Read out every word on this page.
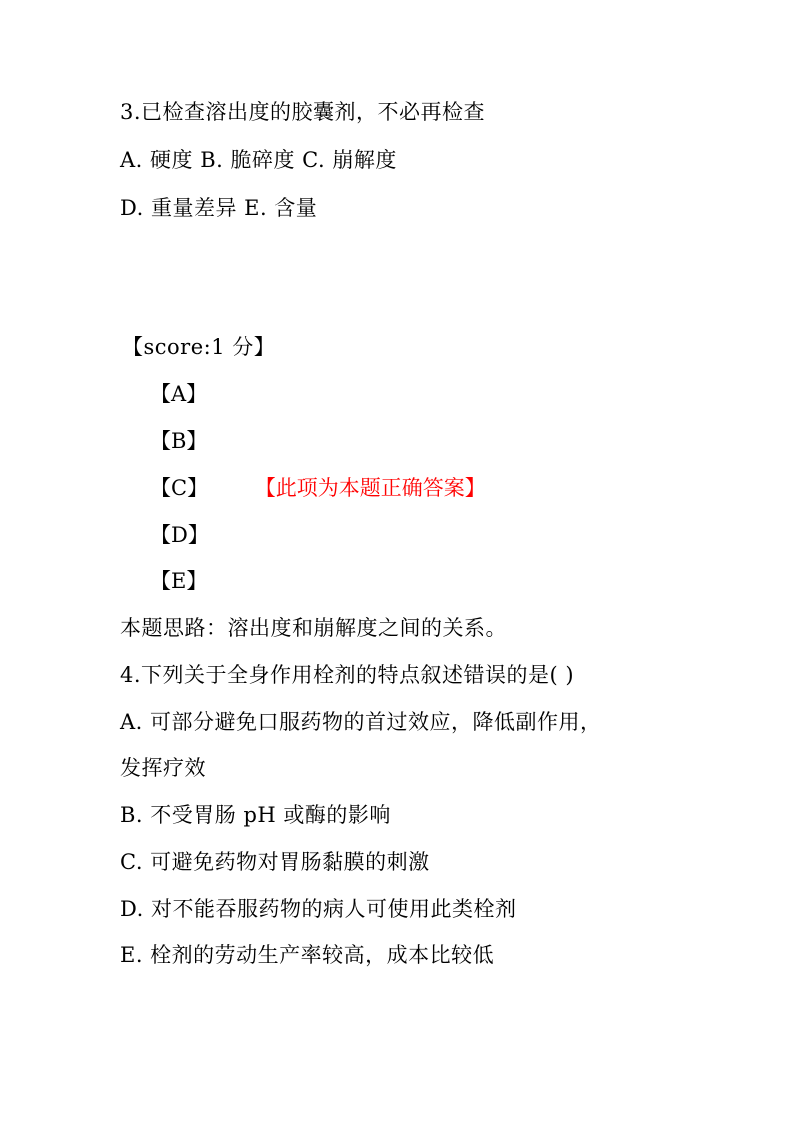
3.已检查溶出度的胶囊剂，不必再检查
A. 硬度 B. 脆碎度 C. 崩解度
D. 重量差异 E. 含量
【score:1 分】
【A】
【B】
【C】 【此项为本题正确答案】
【D】
【E】
本题思路：溶出度和崩解度之间的关系。
4.下列关于全身作用栓剂的特点叙述错误的是( )
A. 可部分避免口服药物的首过效应，降低副作用，
发挥疗效
B. 不受胃肠 pH 或酶的影响
C. 可避免药物对胃肠黏膜的刺激
D. 对不能吞服药物的病人可使用此类栓剂
E. 栓剂的劳动生产率较高，成本比较低
